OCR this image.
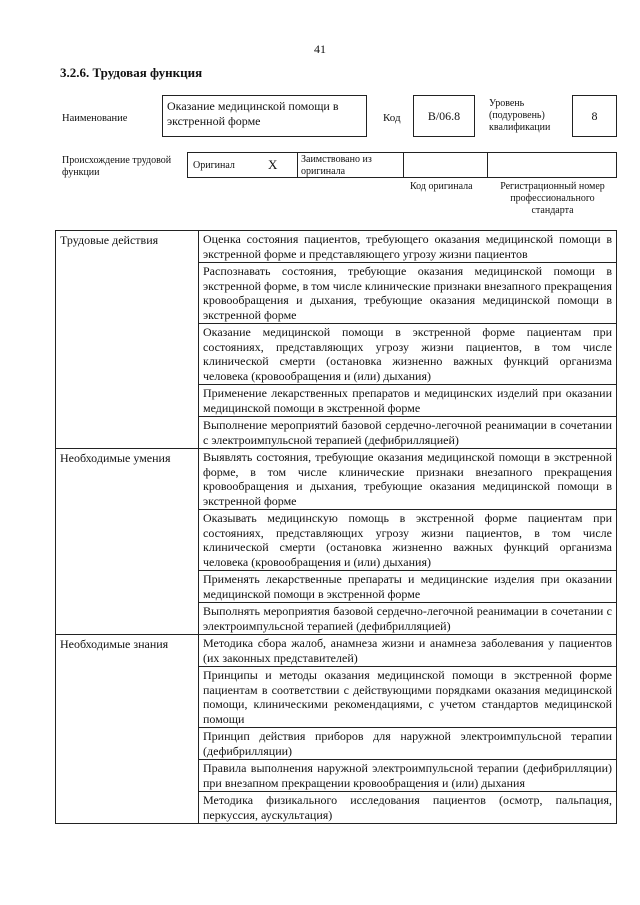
41
3.2.6. Трудовая функция
Наименование
Оказание медицинской помощи в экстренной форме	Код	B/06.8
Уровень (подуровень) квалификации
8
Происхождение трудовой функции
Оригинал	X Заимствовано из оригинала
Код оригинала	Регистрационный номер профессионального стандарта
Трудовые действия	Оценка состояния пациентов, требующего оказания медицинской помощи в экстренной форме и представляющего угрозу жизни пациентов
	Распознавать состояния, требующие оказания медицинской помощи в экстренной форме, в том числе клинические признаки внезапного прекращения кровообращения и дыхания, требующие оказания медицинской помощи в экстренной форме
	Оказание медицинской помощи в экстренной форме пациентам при состояниях, представляющих угрозу жизни пациентов, в том числе клинической смерти (остановка жизненно важных функций организма человека (кровообращения и (или) дыхания)
	Применение лекарственных препаратов и медицинских изделий при оказании медицинской помощи в экстренной форме
	Выполнение мероприятий базовой сердечно-легочной реанимации в сочетании с электроимпульсной терапией (дефибрилляцией)
Необходимые умения	Выявлять состояния, требующие оказания медицинской помощи в экстренной форме, в том числе клинические признаки внезапного прекращения кровообращения и дыхания, требующие оказания медицинской помощи в экстренной форме
	Оказывать медицинскую помощь в экстренной форме пациентам при состояниях, представляющих угрозу жизни пациентов, в том числе клинической смерти (остановка жизненно важных функций организма человека (кровообращения и (или) дыхания)
	Применять лекарственные препараты и медицинские изделия при оказании медицинской помощи в экстренной форме
	Выполнять мероприятия базовой сердечно-легочной реанимации в сочетании с электроимпульсной терапией (дефибрилляцией)
Необходимые знания	Методика сбора жалоб, анамнеза жизни и анамнеза заболевания у пациентов (их законных представителей)
	Принципы и методы оказания медицинской помощи в экстренной форме пациентам в соответствии с действующими порядками оказания медицинской помощи, клиническими рекомендациями, с учетом стандартов медицинской помощи
	Принцип действия приборов для наружной электроимпульсной терапии (дефибрилляции)
	Правила выполнения наружной электроимпульсной терапии (дефибрилляции) при внезапном прекращении кровообращения и (или) дыхания
	Методика физикального исследования пациентов (осмотр, пальпация, перкуссия, аускультация)
